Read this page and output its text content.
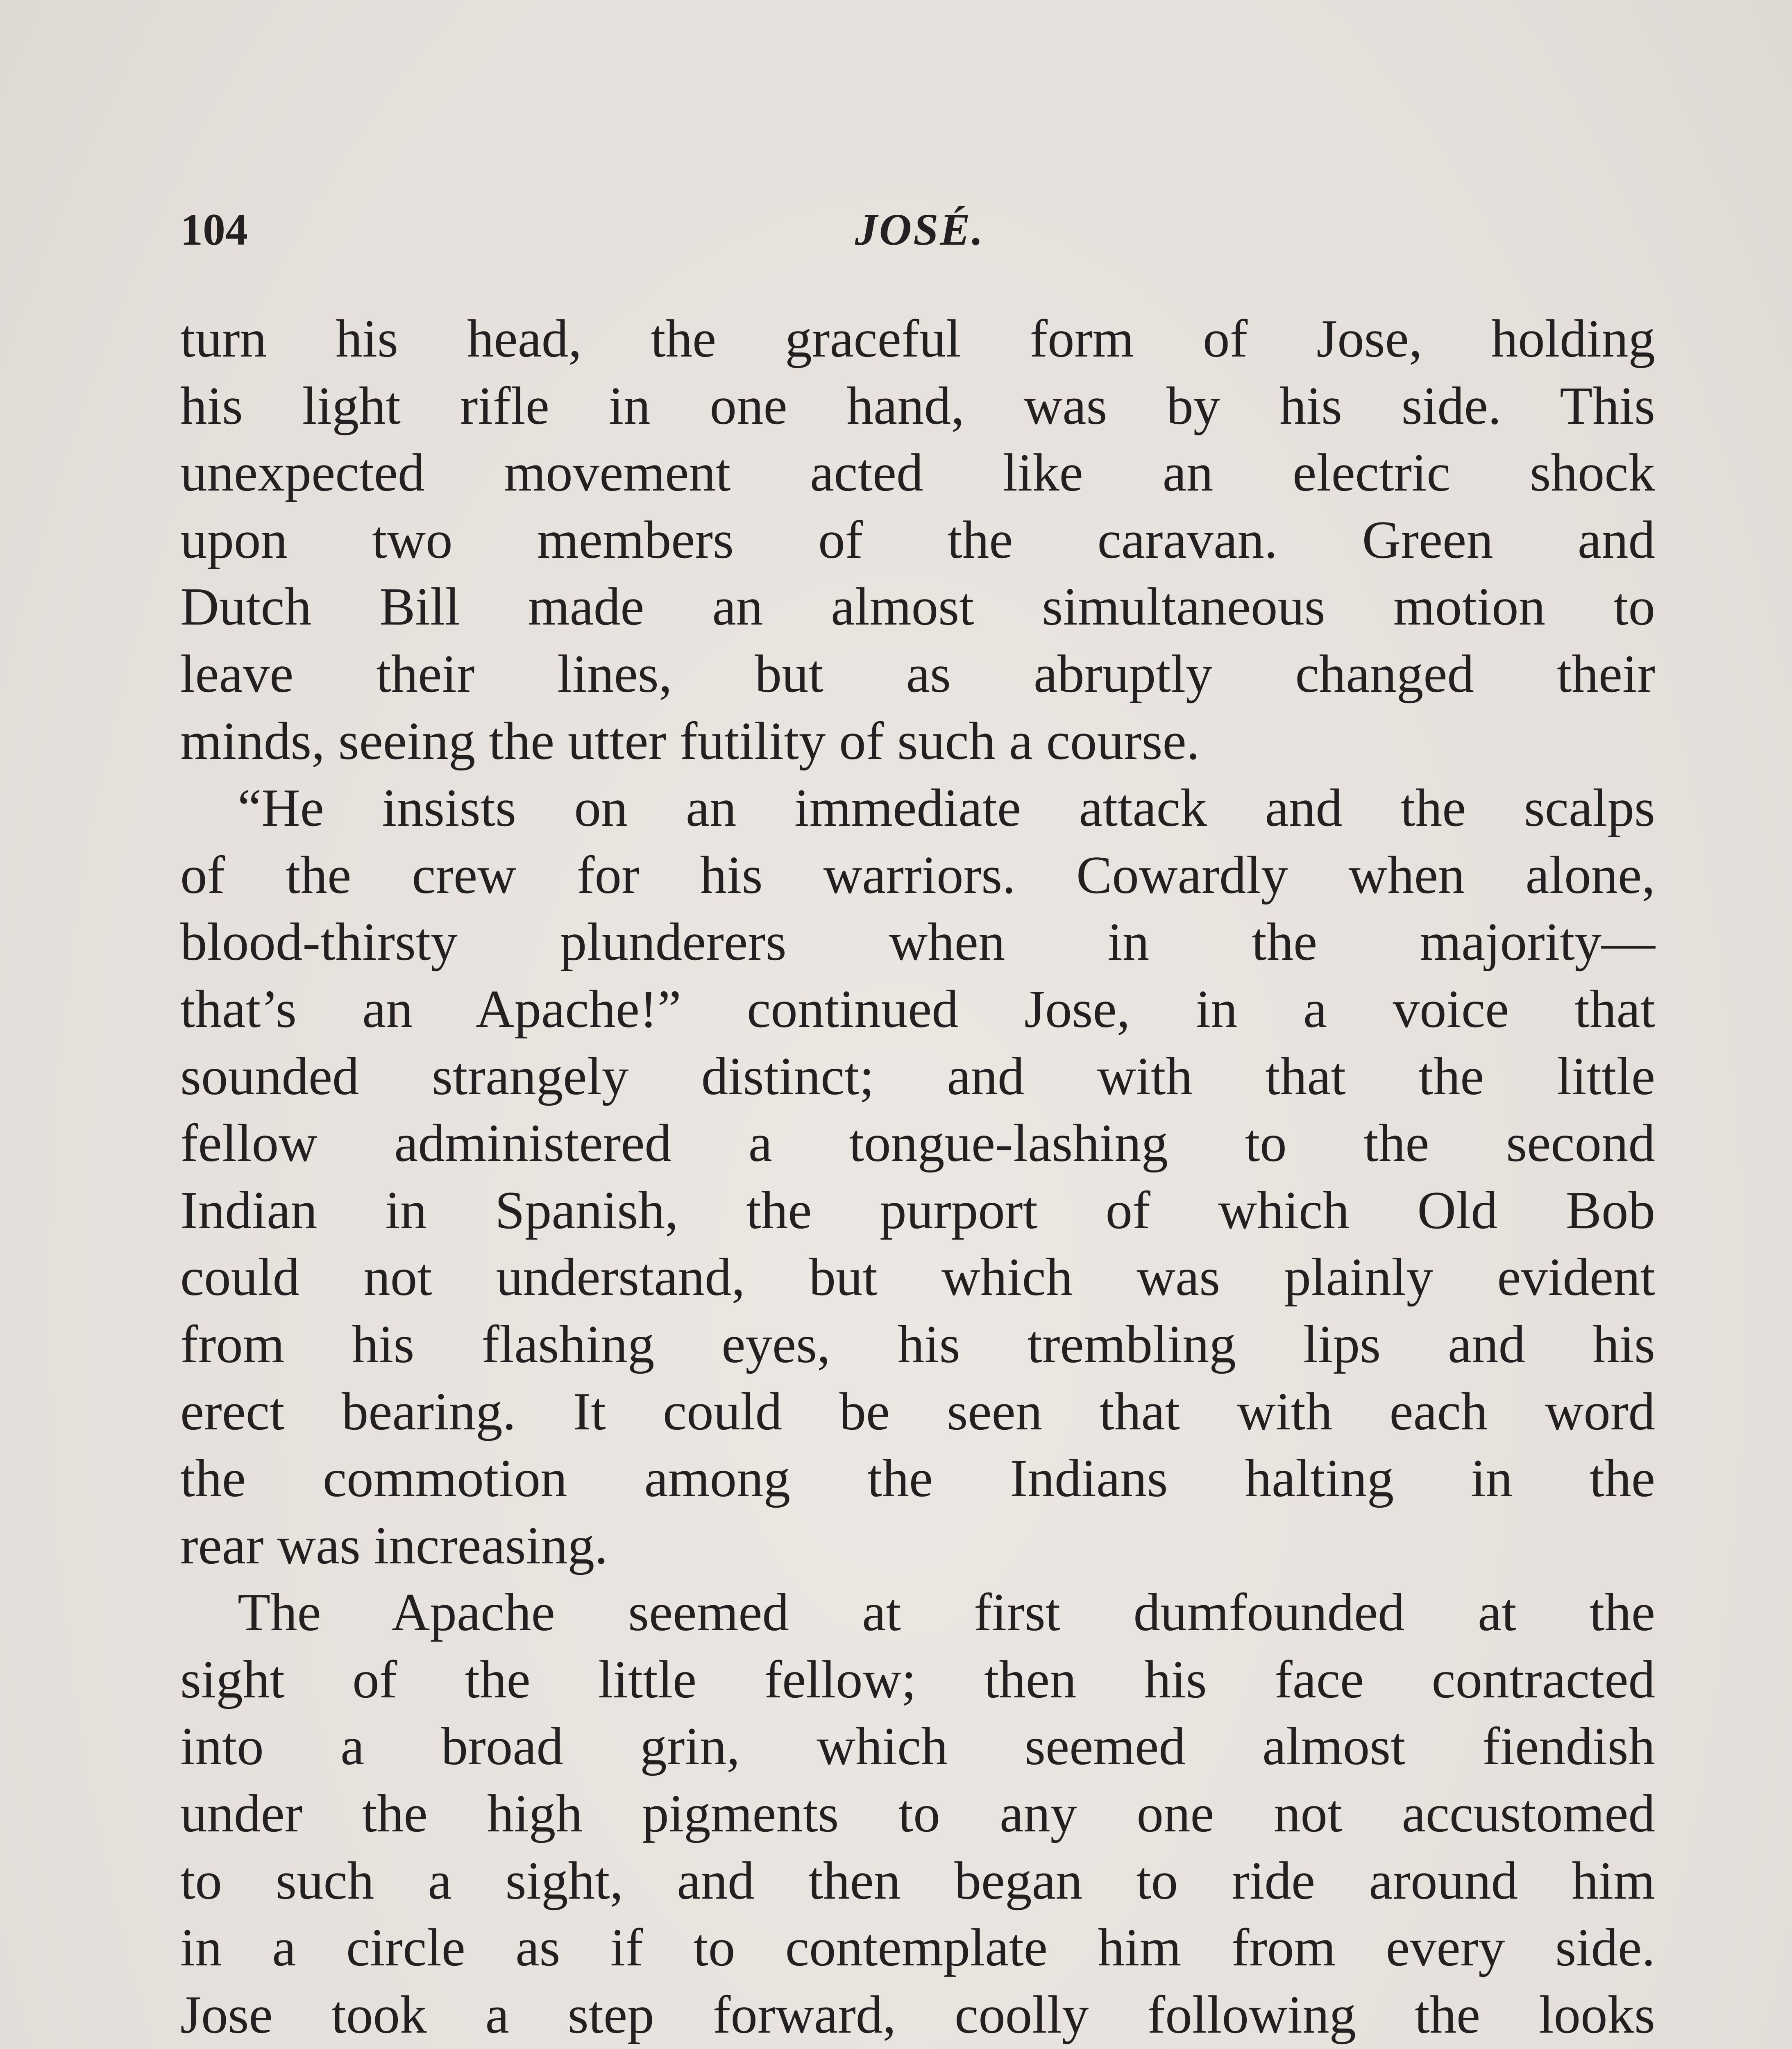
104	JOSÉ.
turn his head, the graceful form of Jose, holding
his light rifle in one hand, was by his side. This
unexpected movement acted like an electric shock
upon two members of the caravan. Green and
Dutch Bill made an almost simultaneous motion to
leave their lines, but as abruptly changed their
minds, seeing the utter futility of such a course.
“He insists on an immediate attack and the scalps
of the crew for his warriors. Cowardly when alone,
blood-thirsty plunderers when in the majority—
that’s an Apache!” continued Jose, in a voice that
sounded strangely distinct; and with that the little
fellow administered a tongue-lashing to the second
Indian in Spanish, the purport of which Old Bob
could not understand, but which was plainly evident
from his flashing eyes, his trembling lips and his
erect bearing. It could be seen that with each word
the commotion among the Indians halting in the
rear was increasing.
The Apache seemed at first dumfounded at the
sight of the little fellow; then his face contracted
into a broad grin, which seemed almost fiendish
under the high pigments to any one not accustomed
to such a sight, and then began to ride around him
in a circle as if to contemplate him from every side.
Jose took a step forward, coolly following the looks
